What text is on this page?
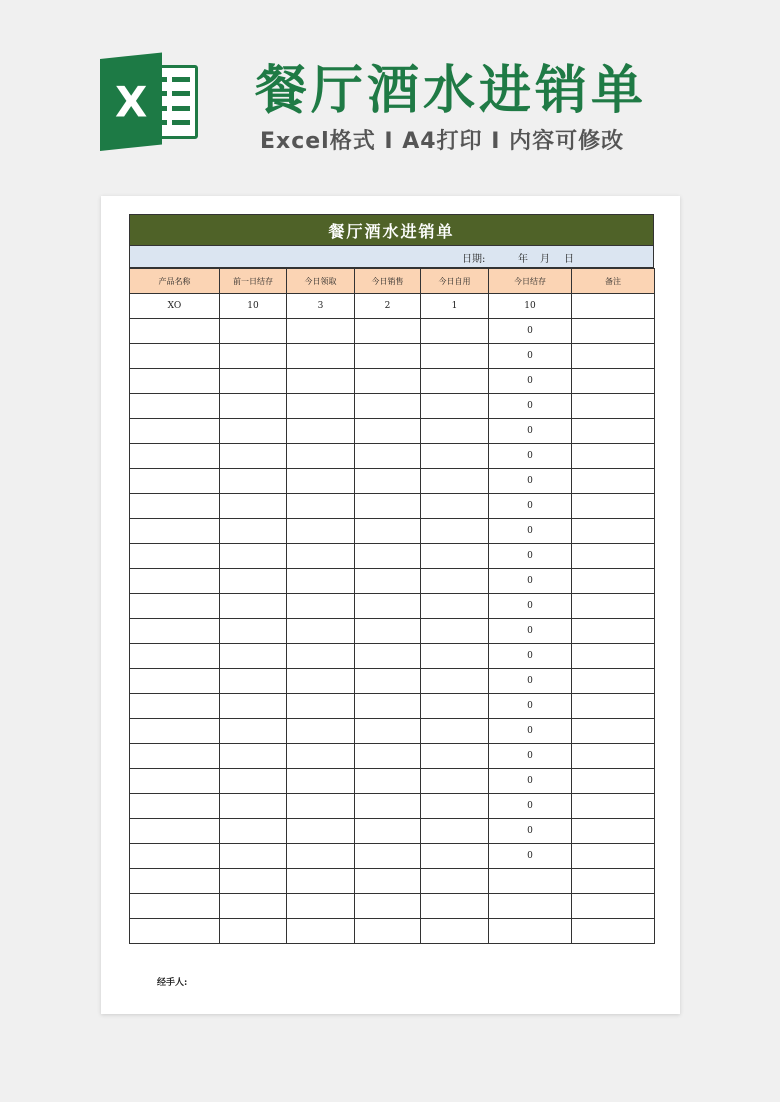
X 餐厅酒水进销单
Excel格式 I A4打印 I 内容可修改
餐厅酒水进销单
日期:	年 月 日
产品名称	前一日结存	今日领取	今日销售	今日自用	今日结存	备注
XO	10	3	2	1	10	
					0	
					0	
					0	
					0	
					0	
					0	
					0	
					0	
					0	
					0	
					0	
					0	
					0	
					0	
					0	
					0	
					0	
					0	
					0	
					0	
					0	
					0	

经手人:
